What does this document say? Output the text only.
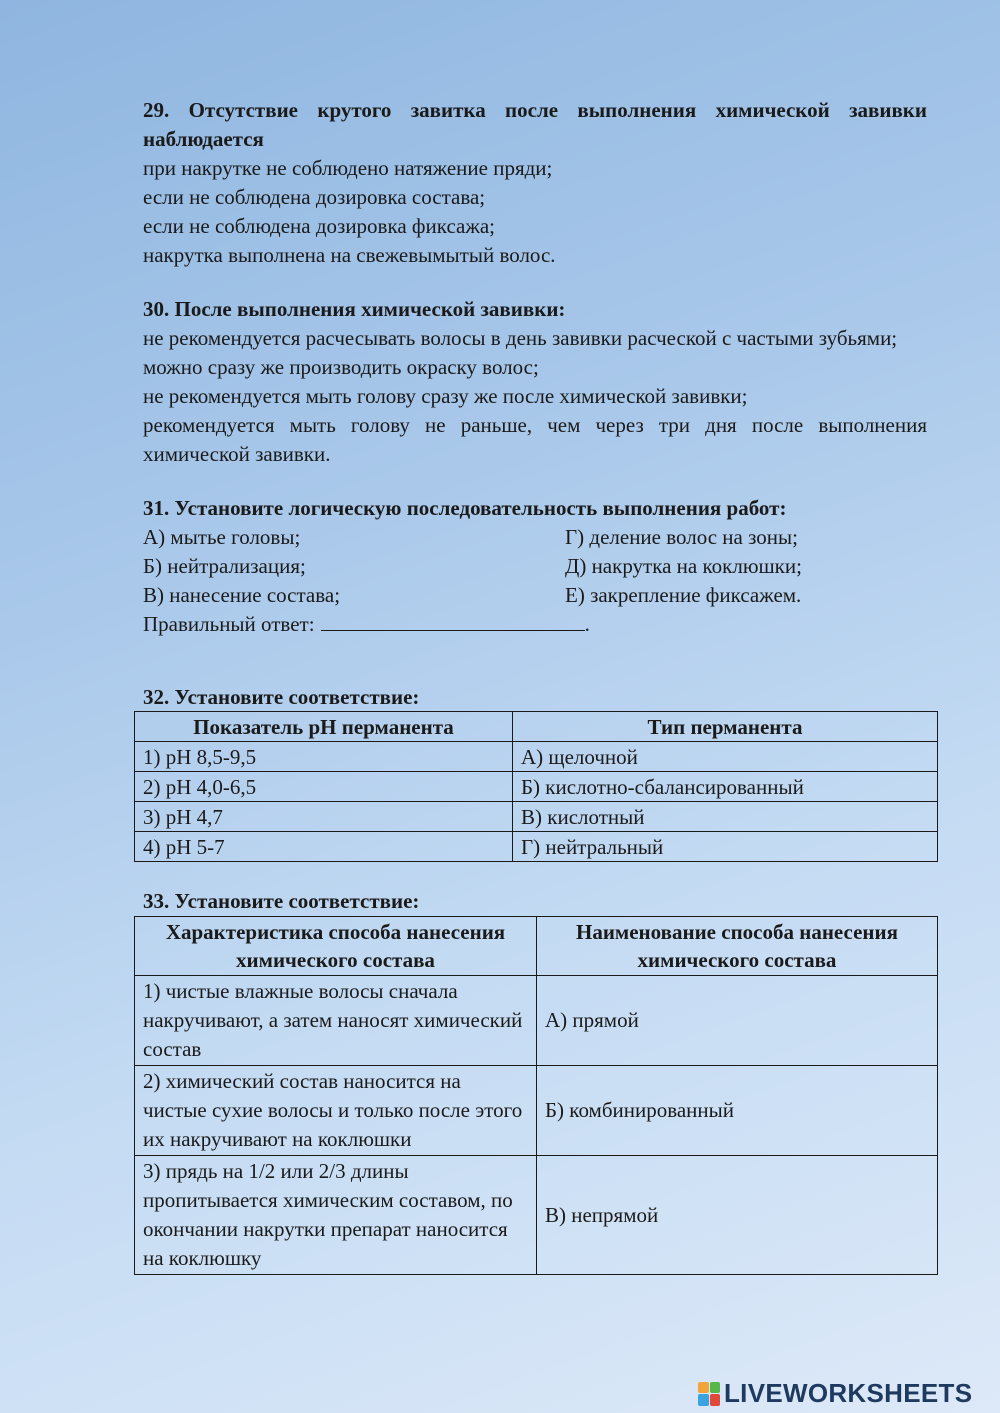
29. Отсутствие крутого завитка после выполнения химической завивки наблюдается
при накрутке не соблюдено натяжение пряди;
если не соблюдена дозировка состава;
если не соблюдена дозировка фиксажа;
накрутка выполнена на свежевымытый волос.
30. После выполнения химической завивки:
не рекомендуется расчесывать волосы в день завивки расческой с частыми зубьями;
можно сразу же производить окраску волос;
не рекомендуется мыть голову сразу же после химической завивки;
рекомендуется мыть голову не раньше, чем через три дня после выполнения химической завивки.
31. Установите логическую последовательность выполнения работ:
А) мытье головы;	Г) деление волос на зоны;
Б) нейтрализация;	Д) накрутка на коклюшки;
В) нанесение состава;	Е) закрепление фиксажем.
Правильный ответ:	.
32. Установите соответствие:
Показатель pH перманента	Тип перманента
1) рН 8,5-9,5	А) щелочной
2) рН 4,0-6,5	Б) кислотно-сбалансированный
3) рН 4,7	В) кислотный
4) рН 5-7	Г) нейтральный
33. Установите соответствие:
Характеристика способа нанесения химического состава	Наименование способа нанесения химического состава
1) чистые влажные волосы сначала накручивают, а затем наносят химический состав	А) прямой
2) химический состав наносится на чистые сухие волосы и только после этого их накручивают на коклюшки	Б) комбинированный
3) прядь на 1/2 или 2/3 длины пропитывается химическим составом, по окончании накрутки препарат наносится на коклюшку	В) непрямой
LIVEWORKSHEETS
